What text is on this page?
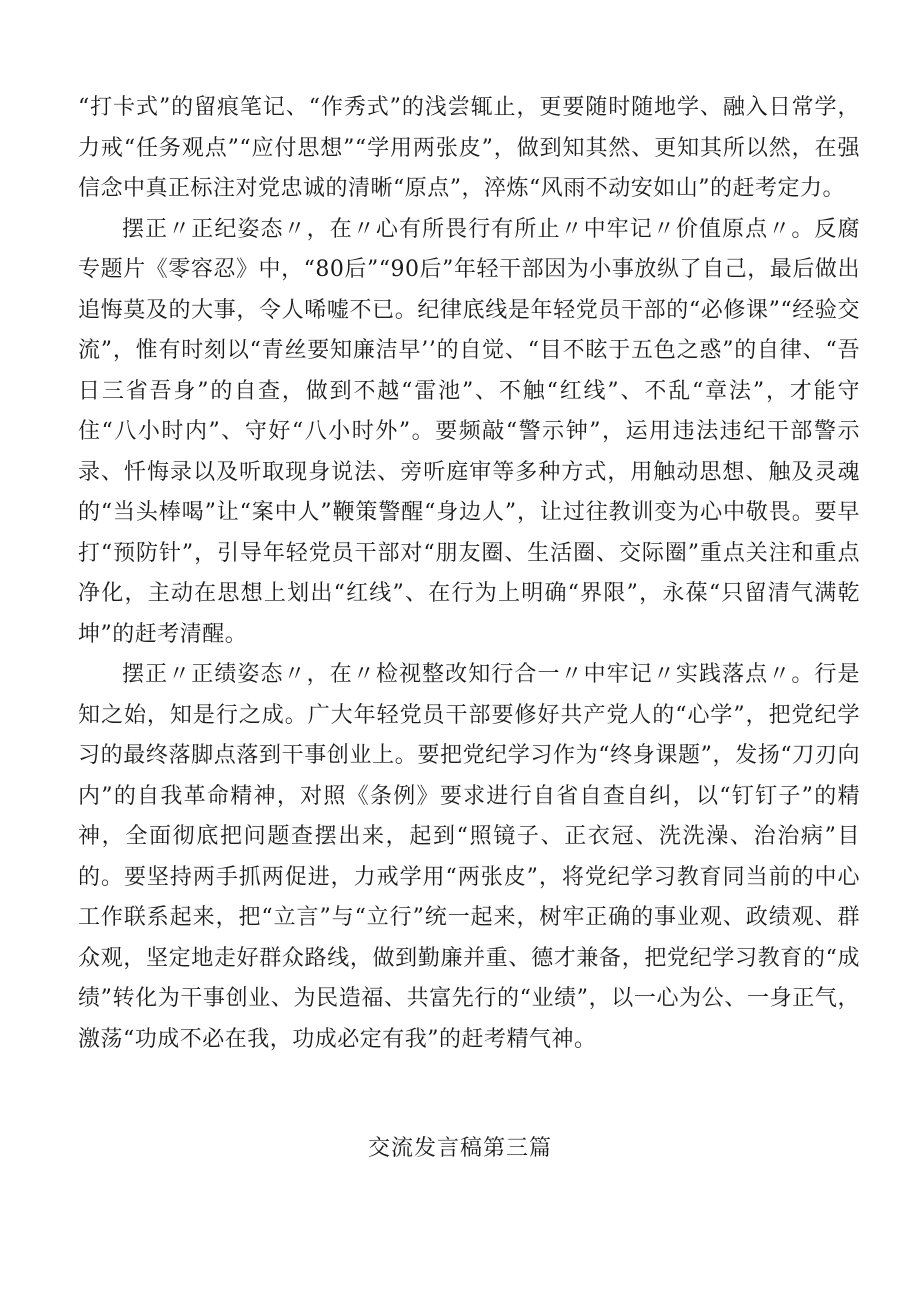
“打卡式”的留痕笔记、“作秀式”的浅尝辄止，更要随时随地学、融入日常学，力戒“任务观点”“应付思想”“学用两张皮”，做到知其然、更知其所以然，在强信念中真正标注对党忠诚的清晰“原点”，淬炼“风雨不动安如山”的赶考定力。

摆正〃正纪姿态〃，在〃心有所畏行有所止〃中牢记〃价值原点〃。反腐专题片《零容忍》中，“80后”“90后”年轻干部因为小事放纵了自己，最后做出追悔莫及的大事，令人唏嘘不已。纪律底线是年轻党员干部的“必修课”“经验交流”，惟有时刻以“青丝要知廉洁早’’的自觉、“目不眩于五色之惑”的自律、“吾日三省吾身”的自查，做到不越“雷池”、不触“红线”、不乱“章法”，才能守住“八小时内”、守好“八小时外”。要频敲“警示钟”，运用违法违纪干部警示录、忏悔录以及听取现身说法、旁听庭审等多种方式，用触动思想、触及灵魂的“当头棒喝”让“案中人”鞭策警醒“身边人”，让过往教训变为心中敬畏。要早打“预防针”，引导年轻党员干部对“朋友圈、生活圈、交际圈”重点关注和重点净化，主动在思想上划出“红线”、在行为上明确“界限”，永葆“只留清气满乾坤”的赶考清醒。

摆正〃正绩姿态〃，在〃检视整改知行合一〃中牢记〃实践落点〃。行是知之始，知是行之成。广大年轻党员干部要修好共产党人的“心学”，把党纪学习的最终落脚点落到干事创业上。要把党纪学习作为“终身课题”，发扬“刀刃向内”的自我革命精神，对照《条例》要求进行自省自查自纠，以“钉钉子”的精神，全面彻底把问题查摆出来，起到“照镜子、正衣冠、洗洗澡、治治病”目的。要坚持两手抓两促进，力戒学用“两张皮”，将党纪学习教育同当前的中心工作联系起来，把“立言”与“立行”统一起来，树牢正确的事业观、政绩观、群众观，坚定地走好群众路线，做到勤廉并重、德才兼备，把党纪学习教育的“成绩”转化为干事创业、为民造福、共富先行的“业绩”，以一心为公、一身正气，激荡“功成不必在我，功成必定有我”的赶考精气神。

交流发言稿第三篇
